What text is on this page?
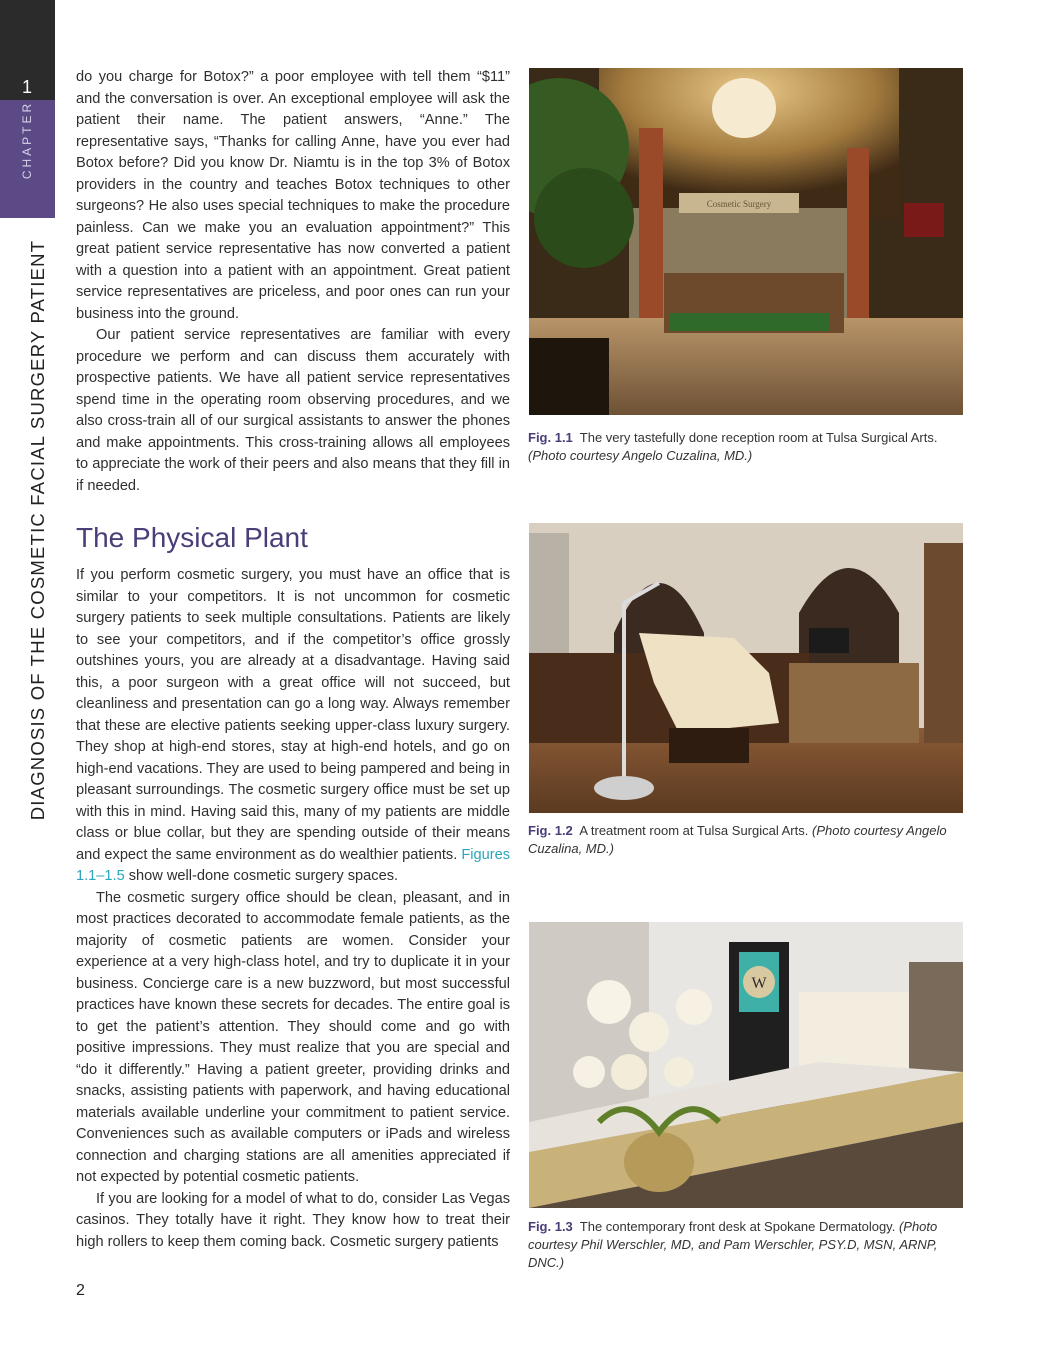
1
CHAPTER
DIAGNOSIS OF THE COSMETIC FACIAL SURGERY PATIENT

do you charge for Botox?” a poor employee with tell them “$11” and the conversation is over. An exceptional employee will ask the patient their name. The patient answers, “Anne.” The representative says, “Thanks for calling Anne, have you ever had Botox before? Did you know Dr. Niamtu is in the top 3% of Botox providers in the country and teaches Botox techniques to other surgeons? He also uses special techniques to make the procedure painless. Can we make you an evaluation appointment?” This great patient service representative has now converted a patient with a question into a patient with an appointment. Great patient service representatives are priceless, and poor ones can run your business into the ground.

Our patient service representatives are familiar with every procedure we perform and can discuss them accurately with prospective patients. We have all patient service representatives spend time in the operating room observing procedures, and we also cross-train all of our surgical assistants to answer the phones and make appointments. This cross-training allows all employees to appreciate the work of their peers and also means that they fill in if needed.

The Physical Plant

If you perform cosmetic surgery, you must have an office that is similar to your competitors. It is not uncommon for cosmetic surgery patients to seek multiple consultations. Patients are likely to see your competitors, and if the competitor’s office grossly outshines yours, you are already at a disadvantage. Having said this, a poor surgeon with a great office will not succeed, but cleanliness and presentation can go a long way. Always remember that these are elective patients seeking upper-class luxury surgery. They shop at high-end stores, stay at high-end hotels, and go on high-end vacations. They are used to being pampered and being in pleasant surroundings. The cosmetic surgery office must be set up with this in mind. Having said this, many of my patients are middle class or blue collar, but they are spending outside of their means and expect the same environment as do wealthier patients. Figures 1.1–1.5 show well-done cosmetic surgery spaces.

The cosmetic surgery office should be clean, pleasant, and in most practices decorated to accommodate female patients, as the majority of cosmetic patients are women. Consider your experience at a very high-class hotel, and try to duplicate it in your business. Concierge care is a new buzzword, but most successful practices have known these secrets for decades. The entire goal is to get the patient’s attention. They should come and go with positive impressions. They must realize that you are special and “do it differently.” Having a patient greeter, providing drinks and snacks, assisting patients with paperwork, and having educational materials available underline your commitment to patient service. Conveniences such as available computers or iPads and wireless connection and charging stations are all amenities appreciated if not expected by potential cosmetic patients.

If you are looking for a model of what to do, consider Las Vegas casinos. They totally have it right. They know how to treat their high rollers to keep them coming back. Cosmetic surgery patients

2
Cosmetic Surgery
Fig. 1.1 The very tastefully done reception room at Tulsa Surgical Arts.
(Photo courtesy Angelo Cuzalina, MD.)
Fig. 1.2 A treatment room at Tulsa Surgical Arts. (Photo courtesy Angelo Cuzalina, MD.)
W
Fig. 1.3 The contemporary front desk at Spokane Dermatology. (Photo courtesy Phil Werschler, MD, and Pam Werschler, PSY.D, MSN, ARNP, DNC.)
